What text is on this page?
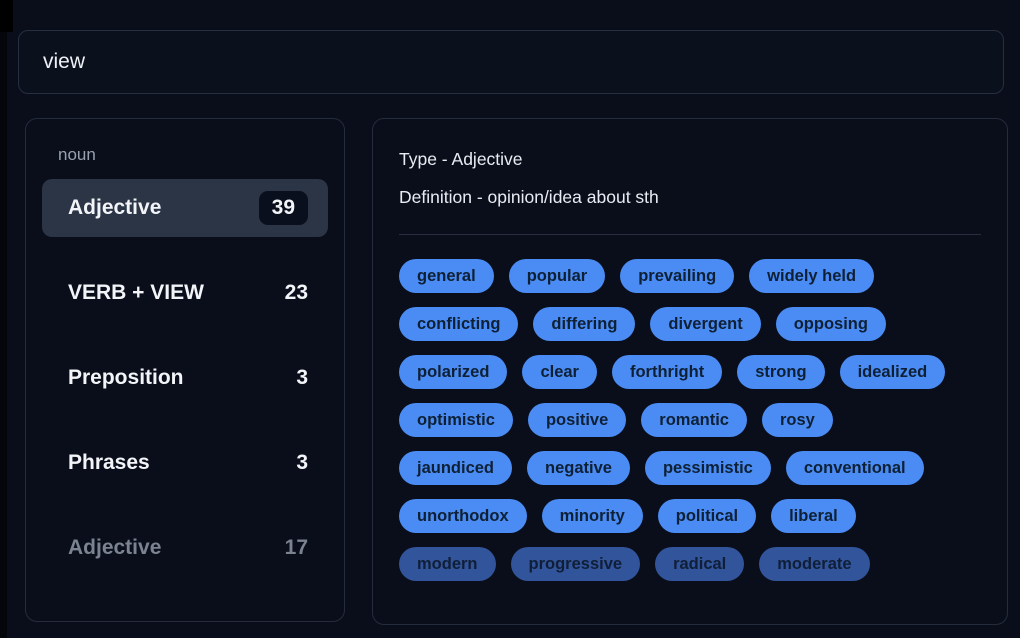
view
noun
Adjective	39
VERB + VIEW	23
Preposition	3
Phrases	3
Adjective	17
Type - Adjective
Definition - opinion/idea about sth
general	popular	prevailing	widely held
conflicting	differing	divergent	opposing
polarized	clear	forthright	strong	idealized
optimistic	positive	romantic	rosy
jaundiced	negative	pessimistic	conventional
unorthodox	minority	political	liberal
modern	progressive	radical	moderate
